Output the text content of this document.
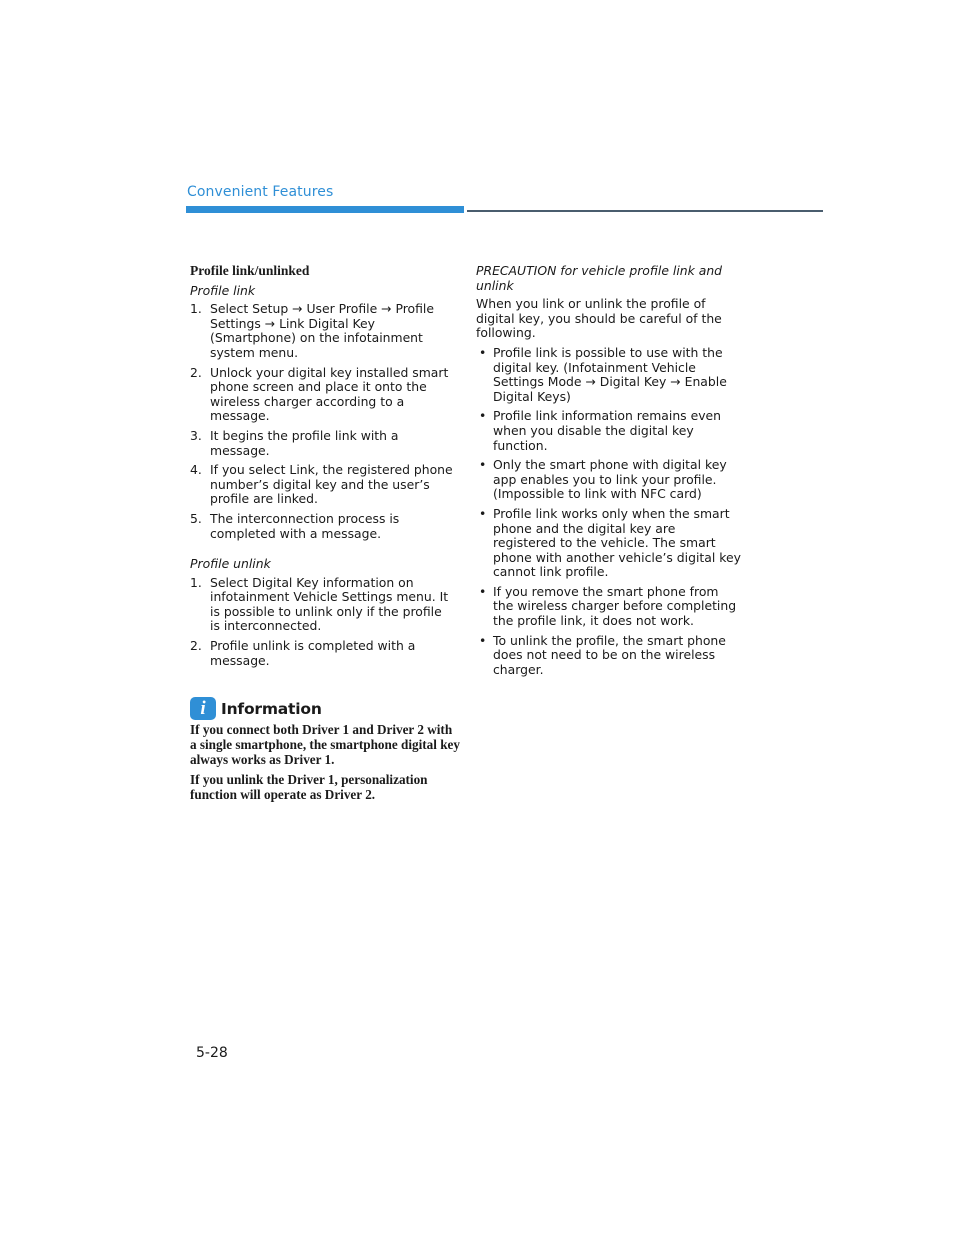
Convenient Features
Profile link/unlinked
Profile link
1. Select Setup → User Profile → Profile Settings → Link Digital Key (Smartphone) on the infotainment system menu.
2. Unlock your digital key installed smart phone screen and place it onto the wireless charger according to a message.
3. It begins the profile link with a message.
4. If you select Link, the registered phone number’s digital key and the user’s profile are linked.
5. The interconnection process is completed with a message.
Profile unlink
1. Select Digital Key information on infotainment Vehicle Settings menu. It is possible to unlink only if the profile is interconnected.
2. Profile unlink is completed with a message.
i Information

If you connect both Driver 1 and Driver 2 with a single smartphone, the smartphone digital key always works as Driver 1.

If you unlink the Driver 1, personalization function will operate as Driver 2.

PRECAUTION for vehicle profile link and unlink

When you link or unlink the profile of digital key, you should be careful of the following.

• Profile link is possible to use with the digital key. (Infotainment Vehicle Settings Mode → Digital Key → Enable Digital Keys)
• Profile link information remains even when you disable the digital key function.
• Only the smart phone with digital key app enables you to link your profile. (Impossible to link with NFC card)
• Profile link works only when the smart phone and the digital key are registered to the vehicle. The smart phone with another vehicle’s digital key cannot link profile.
• If you remove the smart phone from the wireless charger before completing the profile link, it does not work.
• To unlink the profile, the smart phone does not need to be on the wireless charger.
5-28
